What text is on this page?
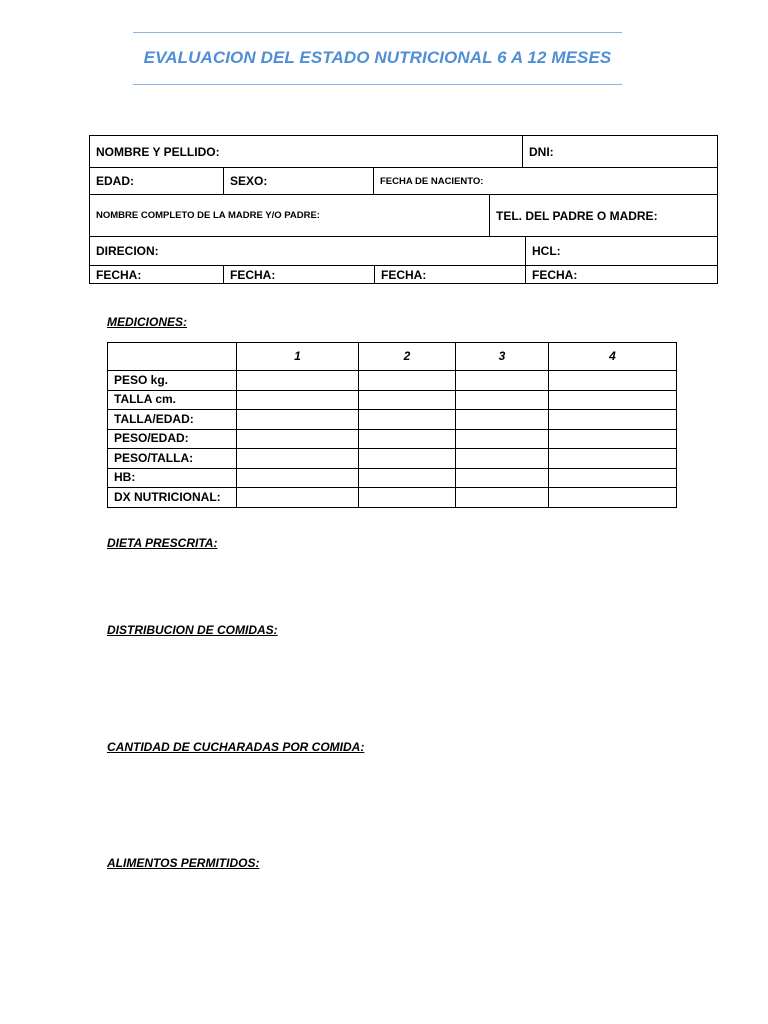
EVALUACION DEL ESTADO NUTRICIONAL 6 A 12 MESES
NOMBRE Y PELLIDO:	DNI:
EDAD:	SEXO:	FECHA DE NACIENTO:
NOMBRE COMPLETO DE LA MADRE Y/O PADRE:	TEL. DEL PADRE O MADRE:
DIRECION:	HCL:
FECHA:	FECHA:	FECHA:	FECHA:
MEDICIONES:
	1	2	3	4
PESO kg.				
TALLA cm.				
TALLA/EDAD:				
PESO/EDAD:				
PESO/TALLA:				
HB:				
DX NUTRICIONAL:				
DIETA PRESCRITA:
DISTRIBUCION DE COMIDAS:
CANTIDAD DE CUCHARADAS POR COMIDA:
ALIMENTOS PERMITIDOS:
